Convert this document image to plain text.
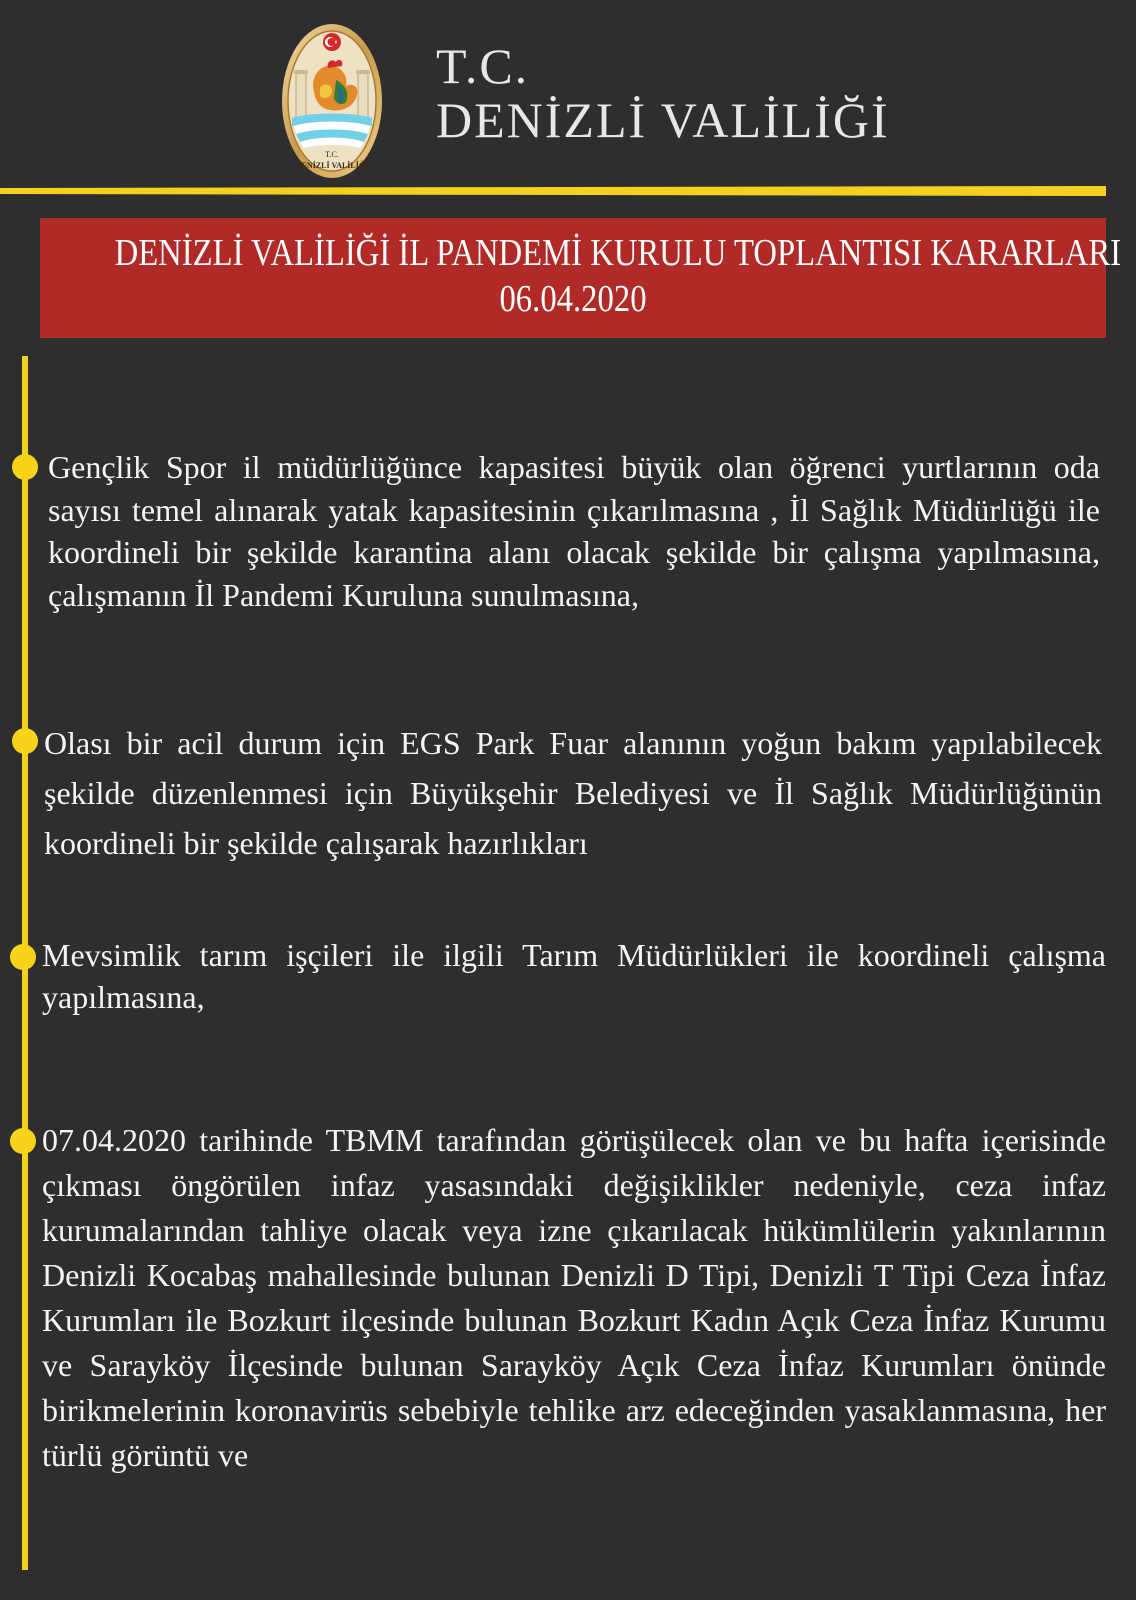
T.C.
DENİZLİ VALİLİĞİ
T.C.
DENİZLİ VALİLİĞİ
DENİZLİ VALİLİĞİ İL PANDEMİ KURULU TOPLANTISI KARARLARI
06.04.2020

Gençlik Spor il müdürlüğünce kapasitesi büyük olan öğrenci yurtlarının oda sayısı temel alınarak yatak kapasitesinin çıkarılmasına , İl Sağlık Müdürlüğü ile koordineli bir şekilde karantina alanı olacak şekilde bir çalışma yapılmasına, çalışmanın İl Pandemi Kuruluna sunulmasına,

Olası bir acil durum için EGS Park Fuar alanının yoğun bakım yapılabilecek şekilde düzenlenmesi için Büyükşehir Belediyesi ve İl Sağlık Müdürlüğünün koordineli bir şekilde çalışarak hazırlıkları

Mevsimlik tarım işçileri ile ilgili Tarım Müdürlükleri ile koordineli çalışma yapılmasına,

07.04.2020 tarihinde TBMM tarafından görüşülecek olan ve bu hafta içerisinde çıkması öngörülen infaz yasasındaki değişiklikler nedeniyle, ceza infaz kurumalarından tahliye olacak veya izne çıkarılacak hükümlülerin yakınlarının Denizli Kocabaş mahallesinde bulunan Denizli D Tipi, Denizli T Tipi Ceza İnfaz Kurumları ile Bozkurt ilçesinde bulunan Bozkurt Kadın Açık Ceza İnfaz Kurumu ve Sarayköy İlçesinde bulunan Sarayköy Açık Ceza İnfaz Kurumları önünde birikmelerinin koronavirüs sebebiyle tehlike arz edeceğinden yasaklanmasına, her türlü görüntü ve
